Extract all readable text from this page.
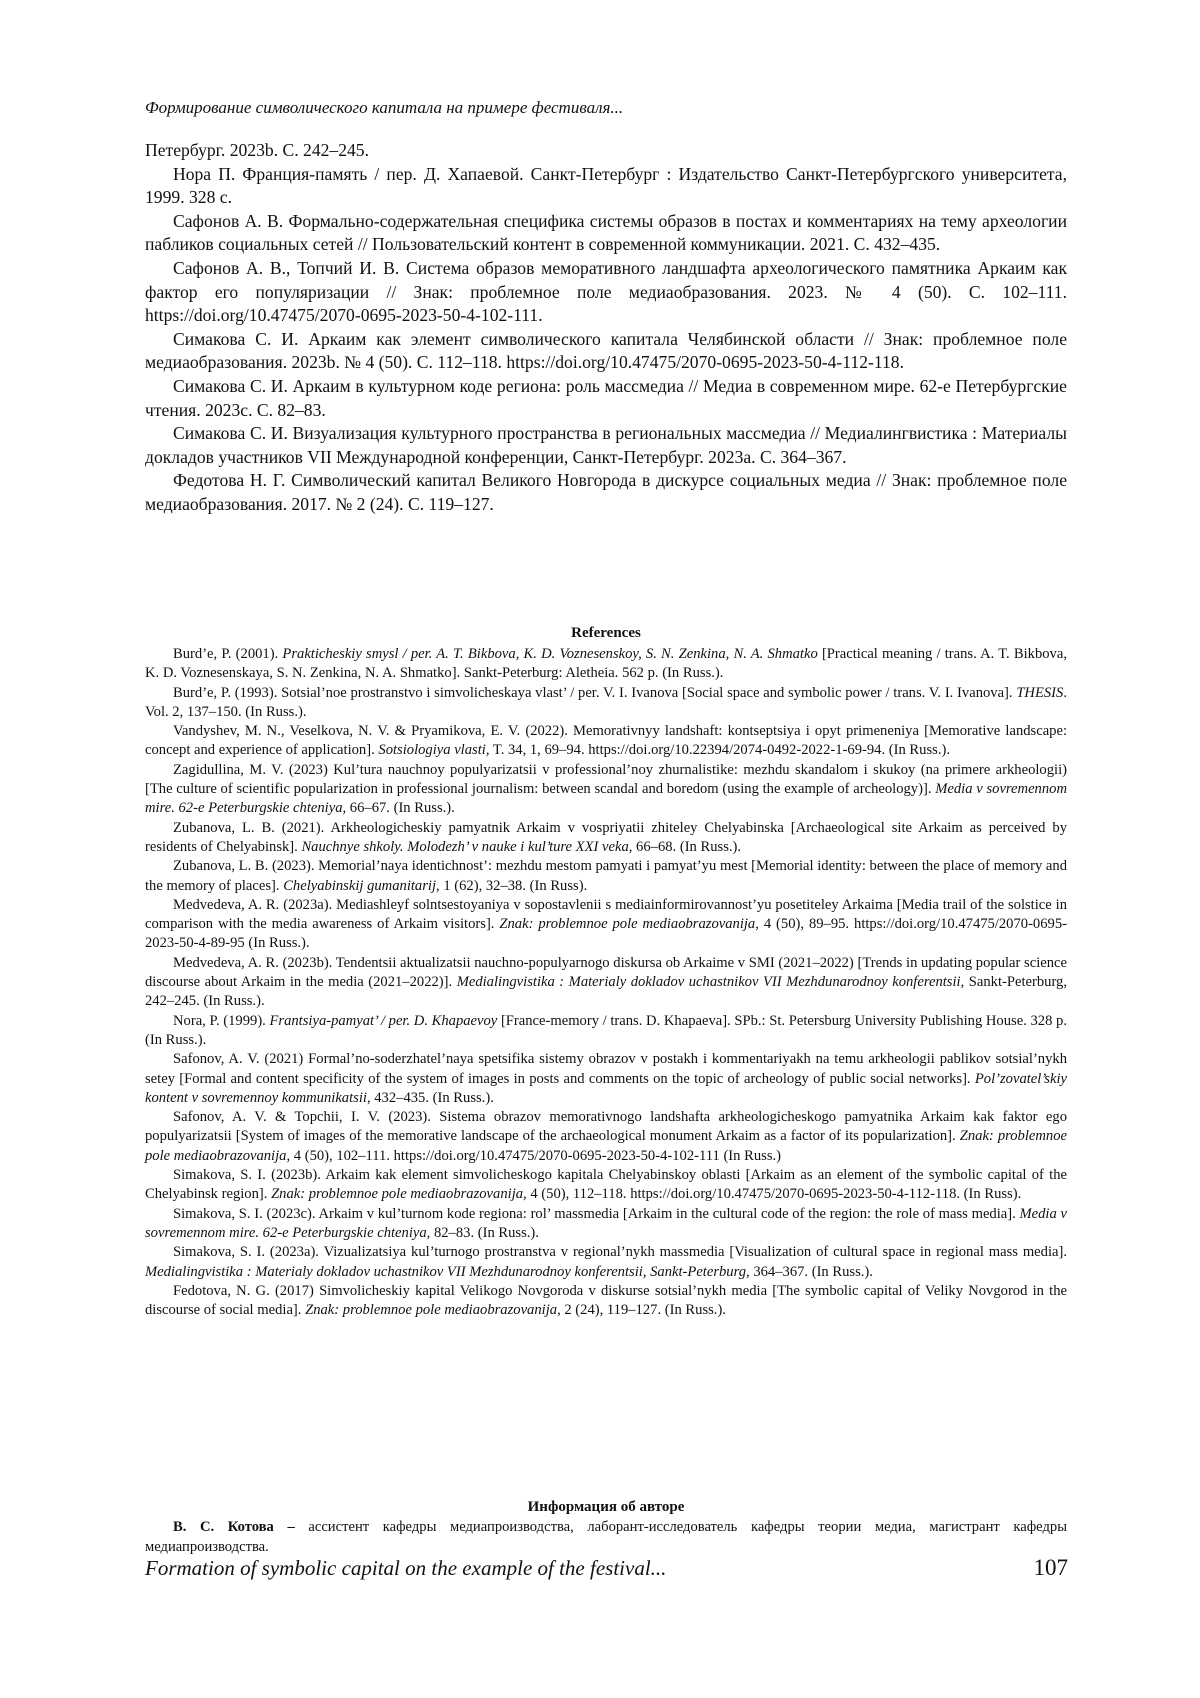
Формирование символического капитала на примере фестиваля...

Петербург. 2023b. С. 242–245.

Нора П. Франция-память / пер. Д. Хапаевой. Санкт-Петербург : Издательство Санкт-Петербургского университета, 1999. 328 с.

Сафонов А. В. Формально-содержательная специфика системы образов в постах и комментариях на тему археологии пабликов социальных сетей // Пользовательский контент в современной коммуникации. 2021. С. 432–435.

Сафонов А. В., Топчий И. В. Система образов меморативного ландшафта археологического памятника Аркаим как фактор его популяризации // Знак: проблемное поле медиаобразования. 2023. № 4 (50). С. 102–111. https://doi.org/10.47475/2070-0695-2023-50-4-102-111.

Симакова С. И. Аркаим как элемент символического капитала Челябинской области // Знак: проблемное поле медиаобразования. 2023b. № 4 (50). С. 112–118. https://doi.org/10.47475/2070-0695-2023-50-4-112-118.

Симакова С. И. Аркаим в культурном коде региона: роль массмедиа // Медиа в современном мире. 62-е Петербургские чтения. 2023c. С. 82–83.

Симакова С. И. Визуализация культурного пространства в региональных массмедиа // Медиалингвистика : Материалы докладов участников VII Международной конференции, Санкт-Петербург. 2023a. С. 364–367.

Федотова Н. Г. Символический капитал Великого Новгорода в дискурсе социальных медиа // Знак: проблемное поле медиаобразования. 2017. № 2 (24). С. 119–127.

References

Burd’e, P. (2001). Prakticheskiy smysl / per. A. T. Bikbova, K. D. Voznesenskoy, S. N. Zenkina, N. A. Shmatko [Practical meaning / trans. A. T. Bikbova, K. D. Voznesenskaya, S. N. Zenkina, N. A. Shmatko]. Sankt-Peterburg: Aletheia. 562 p. (In Russ.).

Burd’e, P. (1993). Sotsial’noe prostranstvo i simvolicheskaya vlast’ / per. V. I. Ivanova [Social space and symbolic power / trans. V. I. Ivanova]. THESIS. Vol. 2, 137–150. (In Russ.).

Vandyshev, M. N., Veselkova, N. V. & Pryamikova, E. V. (2022). Memorativnyy landshaft: kontseptsiya i opyt primeneniya [Memorative landscape: concept and experience of application]. Sotsiologiya vlasti, T. 34, 1, 69–94. https://doi.org/10.22394/2074-0492-2022-1-69-94. (In Russ.).

Zagidullina, M. V. (2023) Kul’tura nauchnoy populyarizatsii v professional’noy zhurnalistike: mezhdu skandalom i skukoy (na primere arkheologii) [The culture of scientific popularization in professional journalism: between scandal and boredom (using the example of archeology)]. Media v sovremennom mire. 62-e Peterburgskie chteniya, 66–67. (In Russ.).

Zubanova, L. B. (2021). Arkheologicheskiy pamyatnik Arkaim v vospriyatii zhiteley Chelyabinska [Archaeological site Arkaim as perceived by residents of Chelyabinsk]. Nauchnye shkoly. Molodezh’ v nauke i kul’ture XXI veka, 66–68. (In Russ.).

Zubanova, L. B. (2023). Memorial’naya identichnost’: mezhdu mestom pamyati i pamyat’yu mest [Memorial identity: between the place of memory and the memory of places]. Chelyabinskij gumanitarij, 1 (62), 32–38. (In Russ).

Medvedeva, A. R. (2023a). Mediashleyf solntsestoyaniya v sopostavlenii s mediainformirovannost’yu posetiteley Arkaima [Media trail of the solstice in comparison with the media awareness of Arkaim visitors]. Znak: problemnoe pole mediaobrazovanija, 4 (50), 89–95. https://doi.org/10.47475/2070-0695-2023-50-4-89-95 (In Russ.).

Medvedeva, A. R. (2023b). Tendentsii aktualizatsii nauchno-populyarnogo diskursa ob Arkaime v SMI (2021–2022) [Trends in updating popular science discourse about Arkaim in the media (2021–2022)]. Medialingvistika : Materialy dokladov uchastnikov VII Mezhdunarodnoy konferentsii, Sankt-Peterburg, 242–245. (In Russ.).

Nora, P. (1999). Frantsiya-pamyat’ / per. D. Khapaevoy [France-memory / trans. D. Khapaeva]. SPb.: St. Petersburg University Publishing House. 328 p. (In Russ.).

Safonov, A. V. (2021) Formal’no-soderzhatel’naya spetsifika sistemy obrazov v postakh i kommentariyakh na temu arkheologii pablikov sotsial’nykh setey [Formal and content specificity of the system of images in posts and comments on the topic of archeology of public social networks]. Pol’zovatel’skiy kontent v sovremennoy kommunikatsii, 432–435. (In Russ.).

Safonov, A. V. & Topchii, I. V. (2023). Sistema obrazov memorativnogo landshafta arkheologicheskogo pamyatnika Arkaim kak faktor ego populyarizatsii [System of images of the memorative landscape of the archaeological monument Arkaim as a factor of its popularization]. Znak: problemnoe pole mediaobrazovanija, 4 (50), 102–111. https://doi.org/10.47475/2070-0695-2023-50-4-102-111 (In Russ.)

Simakova, S. I. (2023b). Arkaim kak element simvolicheskogo kapitala Chelyabinskoy oblasti [Arkaim as an element of the symbolic capital of the Chelyabinsk region]. Znak: problemnoe pole mediaobrazovanija, 4 (50), 112–118. https://doi.org/10.47475/2070-0695-2023-50-4-112-118. (In Russ).

Simakova, S. I. (2023c). Arkaim v kul’turnom kode regiona: rol’ massmedia [Arkaim in the cultural code of the region: the role of mass media]. Media v sovremennom mire. 62-e Peterburgskie chteniya, 82–83. (In Russ.).

Simakova, S. I. (2023a). Vizualizatsiya kul’turnogo prostranstva v regional’nykh massmedia [Visualization of cultural space in regional mass media]. Medialingvistika : Materialy dokladov uchastnikov VII Mezhdunarodnoy konferentsii, Sankt-Peterburg, 364–367. (In Russ.).

Fedotova, N. G. (2017) Simvolicheskiy kapital Velikogo Novgoroda v diskurse sotsial’nykh media [The symbolic capital of Veliky Novgorod in the discourse of social media]. Znak: problemnoe pole mediaobrazovanija, 2 (24), 119–127. (In Russ.).

Информация об авторе

В. С. Котова – ассистент кафедры медиапроизводства, лаборант-исследователь кафедры теории медиа, магистрант кафедры медиапроизводства.

Formation of symbolic capital on the example of the festival...	107
